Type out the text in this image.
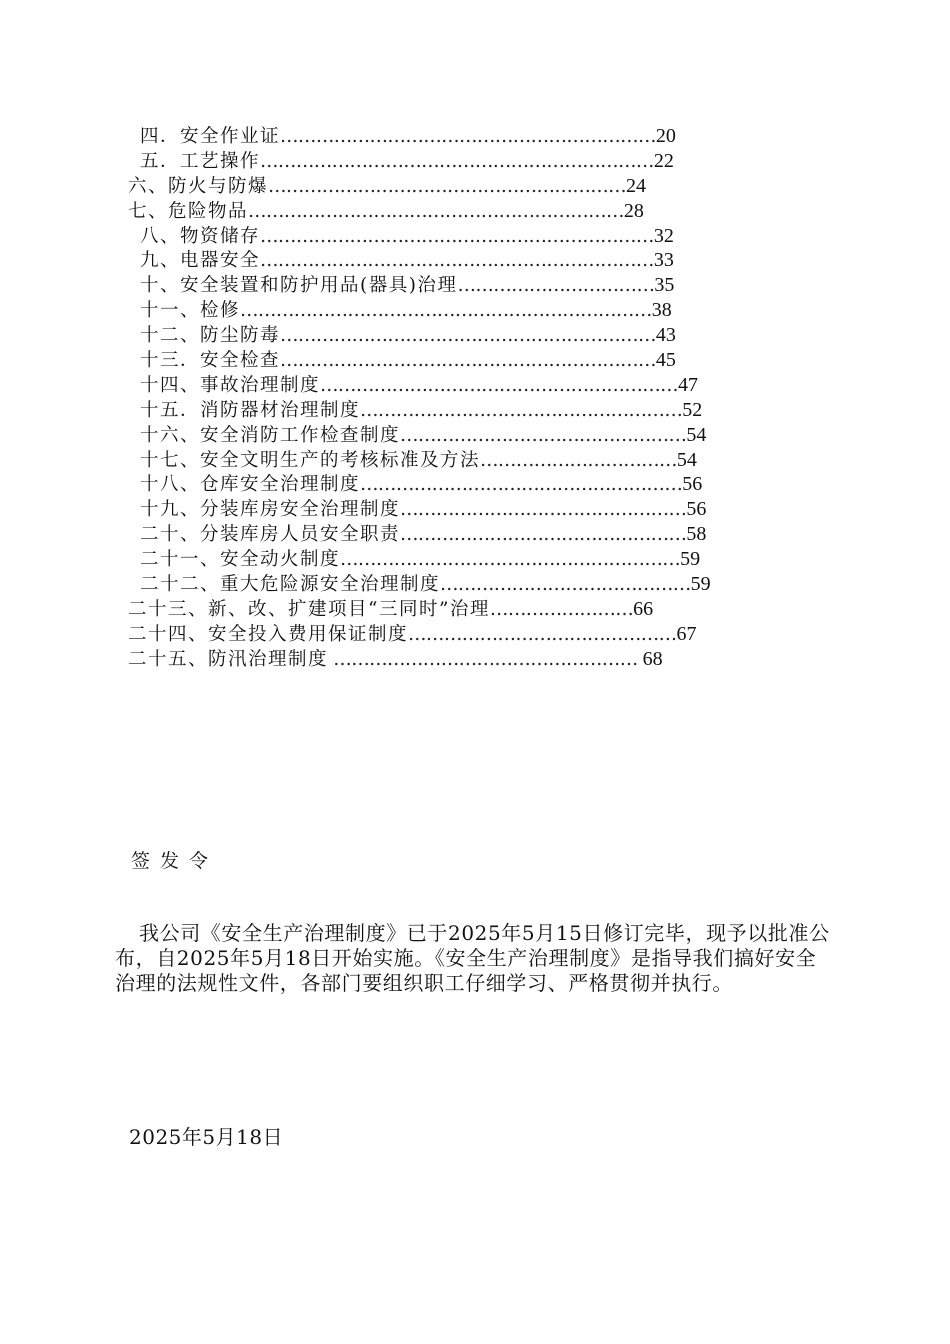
四．安全作业证………………………………………………………20
五．工艺操作…………………………………………………………22
六、防火与防爆……………………………………………………24
七、危险物品………………………………………………………28
八、物资储存…………………………………………………………32
九、电器安全…………………………………………………………33
十、安全装置和防护用品(器具)治理……………………………35
十一、检修……………………………………………………………38
十二、防尘防毒………………………………………………………43
十三．安全检查………………………………………………………45
十四、事故治理制度……………………………………………………47
十五．消防器材治理制度………………………………………………52
十六、安全消防工作检查制度…………………………………………54
十七、安全文明生产的考核标准及方法……………………………54
十八、仓库安全治理制度………………………………………………56
十九、分装库房安全治理制度…………………………………………56
二十、分装库房人员安全职责…………………………………………58
二十一、安全动火制度…………………………………………………59
二十二、重大危险源安全治理制度……………………………………59
二十三、新、改、扩建项目“三同时”治理……………………66
二十四、安全投入费用保证制度………………………………………67
二十五、防汛治理制度 …………………………………………… 68
签发令
我公司《安全生产治理制度》已于2025年5月15日修订完毕，现予以批准公布，自2025年5月18日开始实施。《安全生产治理制度》是指导我们搞好安全治理的法规性文件，各部门要组织职工仔细学习、严格贯彻并执行。
2025年5月18日
